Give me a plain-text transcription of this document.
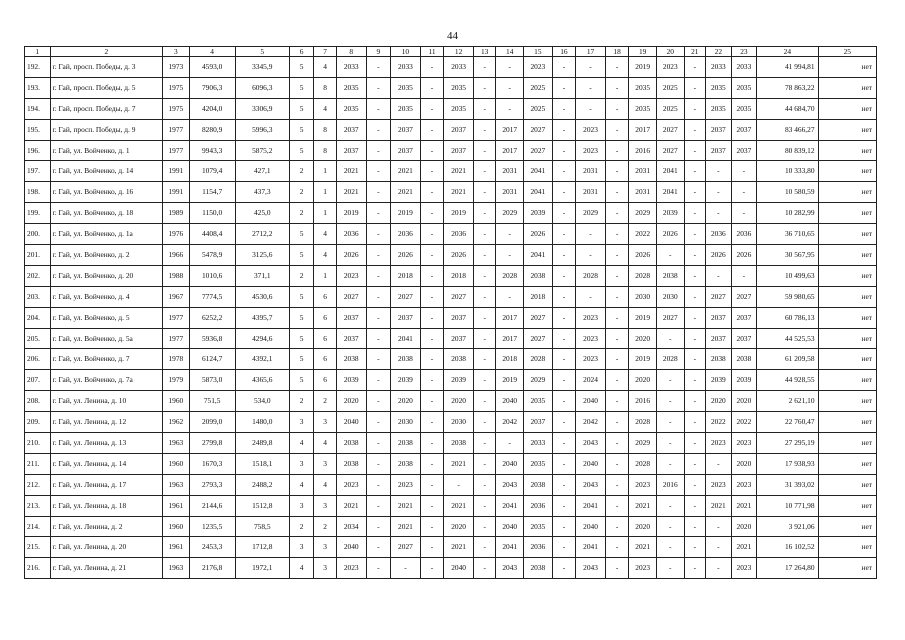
44
1	2	3	4	5	6	7	8	9	10	11	12	13	14	15	16	17	18	19	20	21	22	23	24	25
192.	г. Гай, просп. Победы, д. 3	1973	4593,0	3345,9	5	4	2033	-	2033	-	2033	-	-	2023	-	-	-	2019	2023	-	2033	2033	41 994,81	нет
193.	г. Гай, просп. Победы, д. 5	1975	7906,3	6096,3	5	8	2035	-	2035	-	2035	-	-	2025	-	-	-	2035	2025	-	2035	2035	78 863,22	нет
194.	г. Гай, просп. Победы, д. 7	1975	4204,0	3306,9	5	4	2035	-	2035	-	2035	-	-	2025	-	-	-	2035	2025	-	2035	2035	44 684,70	нет
195.	г. Гай, просп. Победы, д. 9	1977	8280,9	5996,3	5	8	2037	-	2037	-	2037	-	2017	2027	-	2023	-	2017	2027	-	2037	2037	83 466,27	нет
196.	г. Гай, ул. Войченко, д. 1	1977	9943,3	5875,2	5	8	2037	-	2037	-	2037	-	2017	2027	-	2023	-	2016	2027	-	2037	2037	80 839,12	нет
197.	г. Гай, ул. Войченко, д. 14	1991	1079,4	427,1	2	1	2021	-	2021	-	2021	-	2031	2041	-	2031	-	2031	2041	-	-	-	10 333,80	нет
198.	г. Гай, ул. Войченко, д. 16	1991	1154,7	437,3	2	1	2021	-	2021	-	2021	-	2031	2041	-	2031	-	2031	2041	-	-	-	10 580,59	нет
199.	г. Гай, ул. Войченко, д. 18	1989	1150,0	425,0	2	1	2019	-	2019	-	2019	-	2029	2039	-	2029	-	2029	2039	-	-	-	10 282,99	нет
200.	г. Гай, ул. Войченко, д. 1а	1976	4408,4	2712,2	5	4	2036	-	2036	-	2036	-	-	2026	-	-	-	2022	2026	-	2036	2036	36 710,65	нет
201.	г. Гай, ул. Войченко, д. 2	1966	5478,9	3125,6	5	4	2026	-	2026	-	2026	-	-	2041	-	-	-	2026	-	-	2026	2026	30 567,95	нет
202.	г. Гай, ул. Войченко, д. 20	1988	1010,6	371,1	2	1	2023	-	2018	-	2018	-	2028	2038	-	2028	-	2028	2038	-	-	-	10 499,63	нет
203.	г. Гай, ул. Войченко, д. 4	1967	7774,5	4530,6	5	6	2027	-	2027	-	2027	-	-	2018	-	-	-	2030	2030	-	2027	2027	59 980,65	нет
204.	г. Гай, ул. Войченко, д. 5	1977	6252,2	4395,7	5	6	2037	-	2037	-	2037	-	2017	2027	-	2023	-	2019	2027	-	2037	2037	60 786,13	нет
205.	г. Гай, ул. Войченко, д. 5а	1977	5936,8	4294,6	5	6	2037	-	2041	-	2037	-	2017	2027	-	2023	-	2020	-	-	2037	2037	44 525,53	нет
206.	г. Гай, ул. Войченко, д. 7	1978	6124,7	4392,1	5	6	2038	-	2038	-	2038	-	2018	2028	-	2023	-	2019	2028	-	2038	2038	61 209,58	нет
207.	г. Гай, ул. Войченко, д. 7а	1979	5873,0	4365,6	5	6	2039	-	2039	-	2039	-	2019	2029	-	2024	-	2020	-	-	2039	2039	44 928,55	нет
208.	г. Гай, ул. Ленина, д. 10	1960	751,5	534,0	2	2	2020	-	2020	-	2020	-	2040	2035	-	2040	-	2016	-	-	2020	2020	2 621,10	нет
209.	г. Гай, ул. Ленина, д. 12	1962	2099,0	1480,0	3	3	2040	-	2030	-	2030	-	2042	2037	-	2042	-	2028	-	-	2022	2022	22 760,47	нет
210.	г. Гай, ул. Ленина, д. 13	1963	2799,8	2489,8	4	4	2038	-	2038	-	2038	-	-	2033	-	2043	-	2029	-	-	2023	2023	27 295,19	нет
211.	г. Гай, ул. Ленина, д. 14	1960	1670,3	1518,1	3	3	2038	-	2038	-	2021	-	2040	2035	-	2040	-	2028	-	-	-	2020	17 938,93	нет
212.	г. Гай, ул. Ленина, д. 17	1963	2793,3	2488,2	4	4	2023	-	2023	-	-	-	2043	2038	-	2043	-	2023	2016	-	2023	2023	31 393,02	нет
213.	г. Гай, ул. Ленина, д. 18	1961	2144,6	1512,8	3	3	2021	-	2021	-	2021	-	2041	2036	-	2041	-	2021	-	-	2021	2021	10 771,98	нет
214.	г. Гай, ул. Ленина, д. 2	1960	1235,5	758,5	2	2	2034	-	2021	-	2020	-	2040	2035	-	2040	-	2020	-	-	-	2020	3 921,06	нет
215.	г. Гай, ул. Ленина, д. 20	1961	2453,3	1712,8	3	3	2040	-	2027	-	2021	-	2041	2036	-	2041	-	2021	-	-	-	2021	16 102,52	нет
216.	г. Гай, ул. Ленина, д. 21	1963	2176,8	1972,1	4	3	2023	-	-	-	2040	-	2043	2038	-	2043	-	2023	-	-	-	2023	17 264,80	нет
